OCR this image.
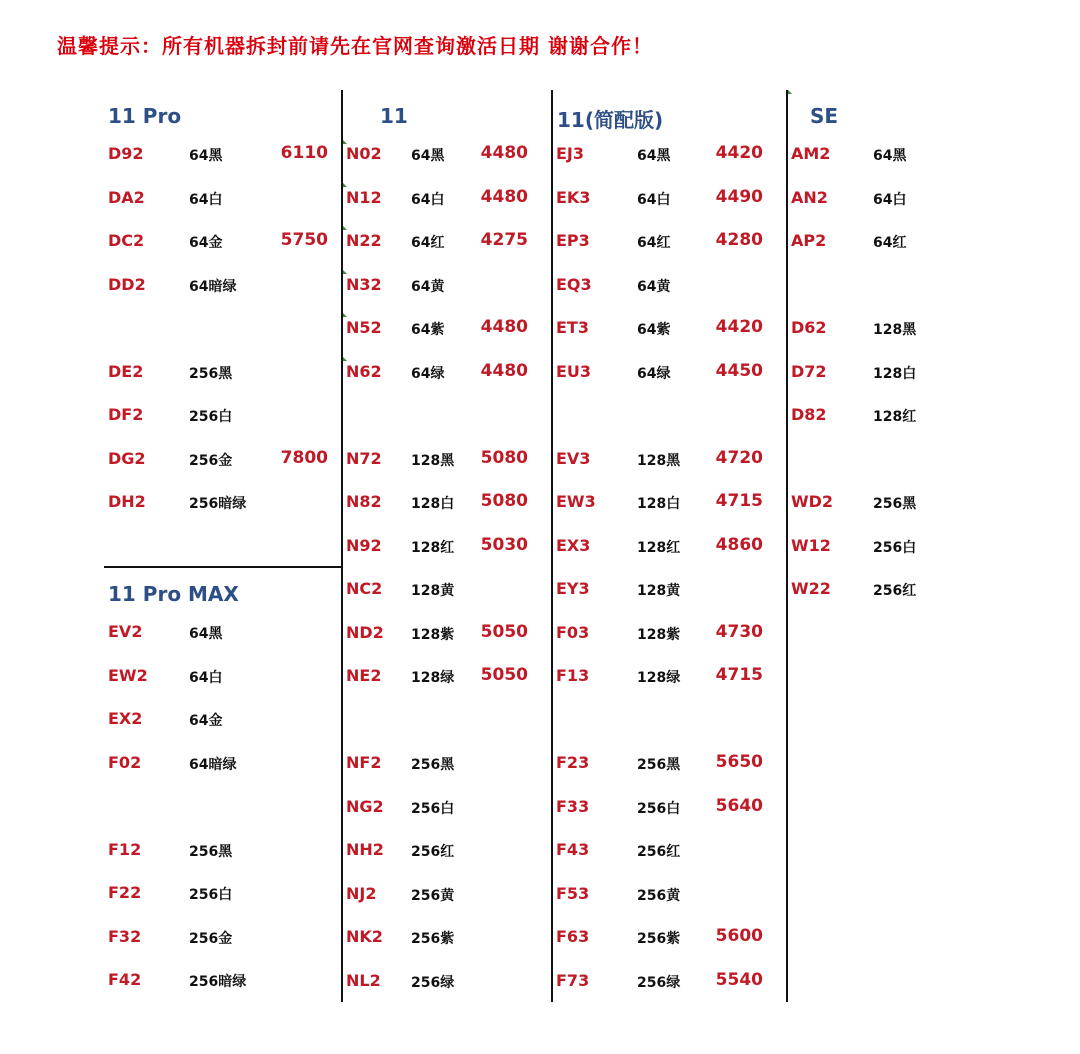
温馨提示：所有机器拆封前请先在官网查询激活日期 谢谢合作！
11 Pro
11 Pro MAX
11	11(简配版)	SE
D92	64黑	6110
DA2	64白
DC2	64金	5750
DD2	64暗绿
DE2	256黑
DF2	256白
DG2	256金	7800
DH2	256暗绿
EV2	64黑
EW2	64白
EX2	64金
F02	64暗绿
F12	256黑
F22	256白
F32	256金
F42	256暗绿
N02 64黑	4480
N12 64白	4480
N22 64红	4275
N32 64黄
N52 64紫	4480
N62 64绿	4480
N72 128黑	5080
N82 128白	5080
N92 128红	5030
NC2 128黄
ND2 128紫	5050
NE2 128绿	5050
NF2 256黑
NG2 256白
NH2 256红
NJ2 256黄
NK2 256紫
NL2 256绿
EJ3	64黑	4420
EK3	64白	4490
EP3	64红	4280
EQ3	64黄
ET3	64紫	4420
EU3	64绿	4450
EV3	128黑	4720
EW3	128白	4715
EX3	128红	4860
EY3	128黄
F03	128紫	4730
F13	128绿	4715
F23	256黑	5650
F33	256白	5640
F43	256红
F53	256黄
F63	256紫	5600
F73	256绿	5540
AM2	64黑
AN2	64白
AP2	64红
D62	128黑
D72	128白
D82	128红
WD2	256黑
W12	256白
W22	256红
